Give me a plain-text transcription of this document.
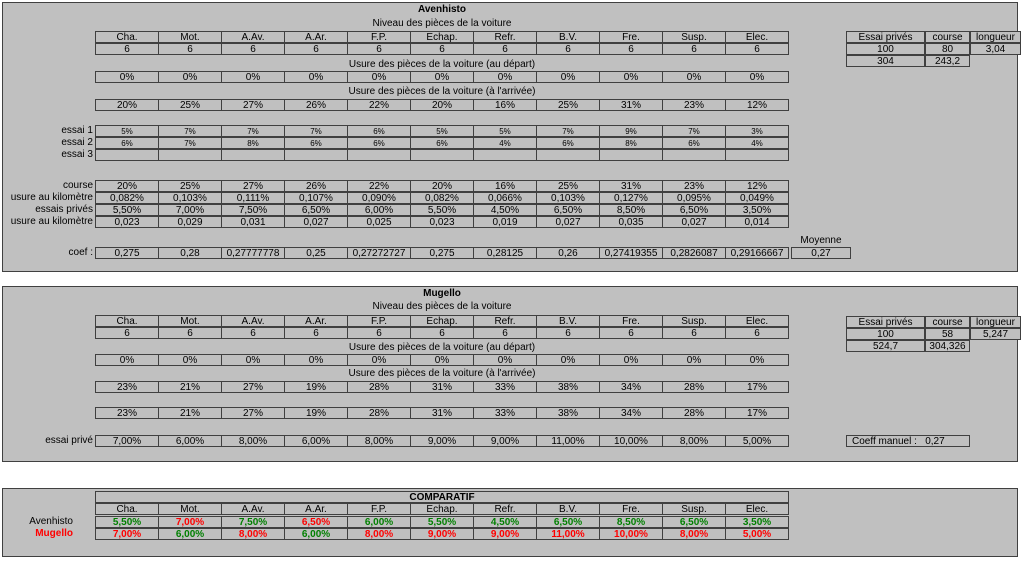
Avenhisto
Niveau des pièces de la voiture
Cha.	Mot.	A.Av.	A.Ar.	F.P.	Echap.	Refr.	B.V.	Fre.	Susp.	Elec.
6	6	6	6	6	6	6	6	6	6	6
Usure des pièces de la voiture (au départ)
0%	0%	0%	0%	0%	0%	0%	0%	0%	0%	0%
Usure des pièces de la voiture (à l'arrivée)
20%	25%	27%	26%	22%	20%	16%	25%	31%	23%	12%
Moyenne
coef :	0,275	0,28	0,27777778	0,25	0,27272727	0,275	0,28125	0,26	0,27419355	0,2826087	0,29166667	0,27
essai 1	5%	7%	7%	7%	6%	5%	5%	7%	9%	7%	3%
essai 2	6%	7%	8%	6%	6%	6%	4%	6%	8%	6%	4%
essai 3
course	20%	25%	27%	26%	22%	20%	16%	25%	31%	23%	12%
usure au kilomètre	0,082%	0,103%	0,111%	0,107%	0,090%	0,082%	0,066%	0,103%	0,127%	0,095%	0,049%
essais privés	5,50%	7,00%	7,50%	6,50%	6,00%	5,50%	4,50%	6,50%	8,50%	6,50%	3,50%
usure au kilomètre	0,023	0,029	0,031	0,027	0,025	0,023	0,019	0,027	0,035	0,027	0,014
Essai privés	course	longueur
100	80	3,04
304	243,2
Mugello
Niveau des pièces de la voiture
Cha.	Mot.	A.Av.	A.Ar.	F.P.	Echap.	Refr.	B.V.	Fre.	Susp.	Elec.
6	6	6	6	6	6	6	6	6	6	6
Usure des pièces de la voiture (au départ)
0%	0%	0%	0%	0%	0%	0%	0%	0%	0%	0%
Usure des pièces de la voiture (à l'arrivée)
23%	21%	27%	19%	28%	31%	33%	38%	34%	28%	17%
23%	21%	27%	19%	28%	31%	33%	38%	34%	28%	17%
essai privé	7,00%	6,00%	8,00%	6,00%	8,00%	9,00%	9,00%	11,00%	10,00%	8,00%	5,00%	Coeff manuel : 0,27
Essai privés	course	longueur
100	58	5,247
524,7	304,326
COMPARATIF
Cha.	Mot.	A.Av.	A.Ar.	F.P.	Echap.	Refr.	B.V.	Fre.	Susp.	Elec.
Avenhisto	5,50%	7,00%	7,50%	6,50%	6,00%	5,50%	4,50%	6,50%	8,50%	6,50%	3,50%
Mugello	7,00%	6,00%	8,00%	6,00%	8,00%	9,00%	9,00%	11,00%	10,00%	8,00%	5,00%
